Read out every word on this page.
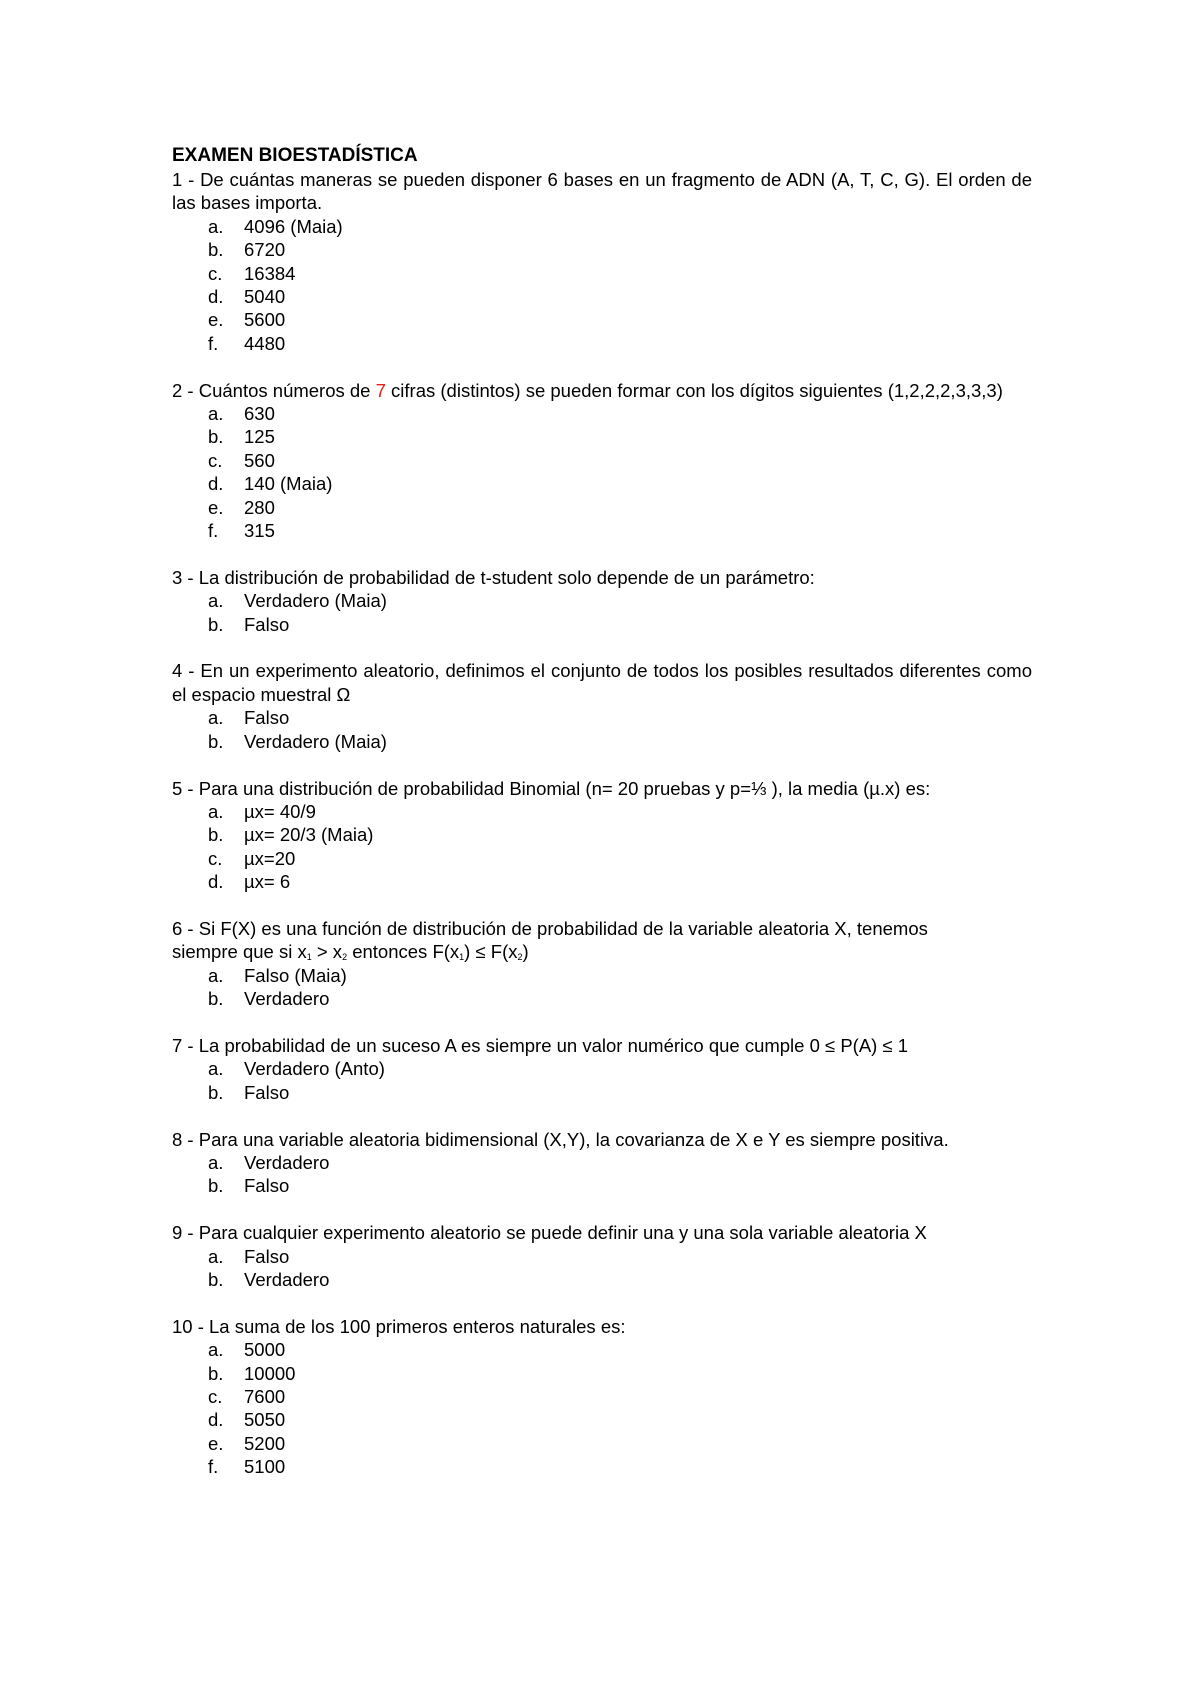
EXAMEN BIOESTADÍSTICA

1 - De cuántas maneras se pueden disponer 6 bases en un fragmento de ADN (A, T, C, G). El orden de las bases importa.

a.	4096 (Maia)
b.	6720
c.	16384
d.	5040
e.	5600
f.	4480

2 - Cuántos números de 7 cifras (distintos) se pueden formar con los dígitos siguientes (1,2,2,2,3,3,3)

a.	630
b.	125
c.	560
d.	140 (Maia)
e.	280
f.	315

3 - La distribución de probabilidad de t-student solo depende de un parámetro:

a.	Verdadero (Maia)
b.	Falso

4 - En un experimento aleatorio, definimos el conjunto de todos los posibles resultados diferentes como el espacio muestral Ω

a.	Falso
b.	Verdadero (Maia)

5 - Para una distribución de probabilidad Binomial (n= 20 pruebas y p=⅓ ), la media (µ.x) es:

a.	µx= 40/9
b.	µx= 20/3 (Maia)
c.	µx=20
d.	µx= 6

6 - Si F(X) es una función de distribución de probabilidad de la variable aleatoria X, tenemos
siempre que si $x_1 > x_2$ entonces $F(x_1) \le F(x_2)$

a.	Falso (Maia)
b.	Verdadero

7 - La probabilidad de un suceso A es siempre un valor numérico que cumple 0 ≤ P(A) ≤ 1

a.	Verdadero (Anto)
b.	Falso

8 - Para una variable aleatoria bidimensional (X,Y), la covarianza de X e Y es siempre positiva.

a.	Verdadero
b.	Falso

9 - Para cualquier experimento aleatorio se puede definir una y una sola variable aleatoria X

a.	Falso
b.	Verdadero

10 - La suma de los 100 primeros enteros naturales es:

a.	5000
b.	10000
c.	7600
d.	5050
e.	5200
f.	5100
